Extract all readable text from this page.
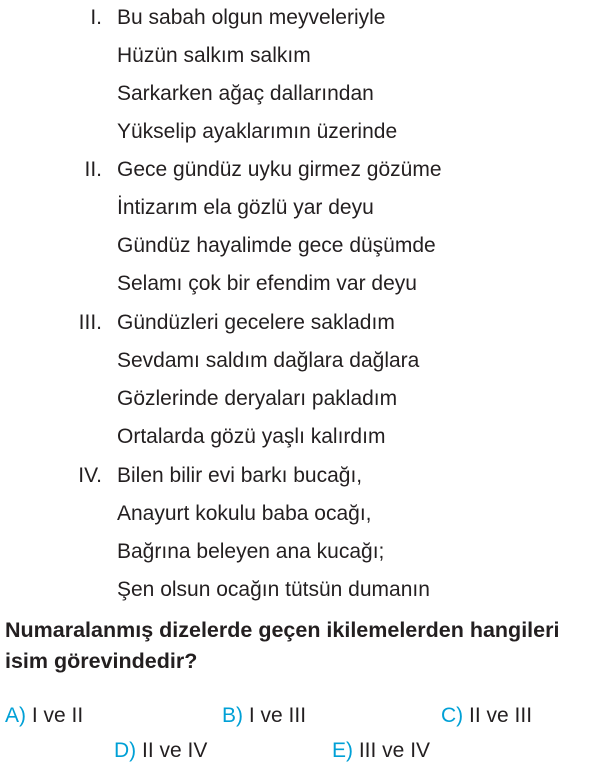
I. Bu sabah olgun meyveleriyle
Hüzün salkım salkım
Sarkarken ağaç dallarından
Yükselip ayaklarımın üzerinde
II. Gece gündüz uyku girmez gözüme
İntizarım ela gözlü yar deyu
Gündüz hayalimde gece düşümde
Selamı çok bir efendim var deyu
III. Gündüzleri gecelere sakladım
Sevdamı saldım dağlara dağlara
Gözlerinde deryaları pakladım
Ortalarda gözü yaşlı kalırdım
IV. Bilen bilir evi barkı bucağı,
Anayurt kokulu baba ocağı,
Bağrına beleyen ana kucağı;
Şen olsun ocağın tütsün dumanın
Numaralanmış dizelerde geçen ikilemelerden hangileri isim görevindedir?
A) I ve II	B) I ve III	C) II ve III
D) II ve IV	E) III ve IV
